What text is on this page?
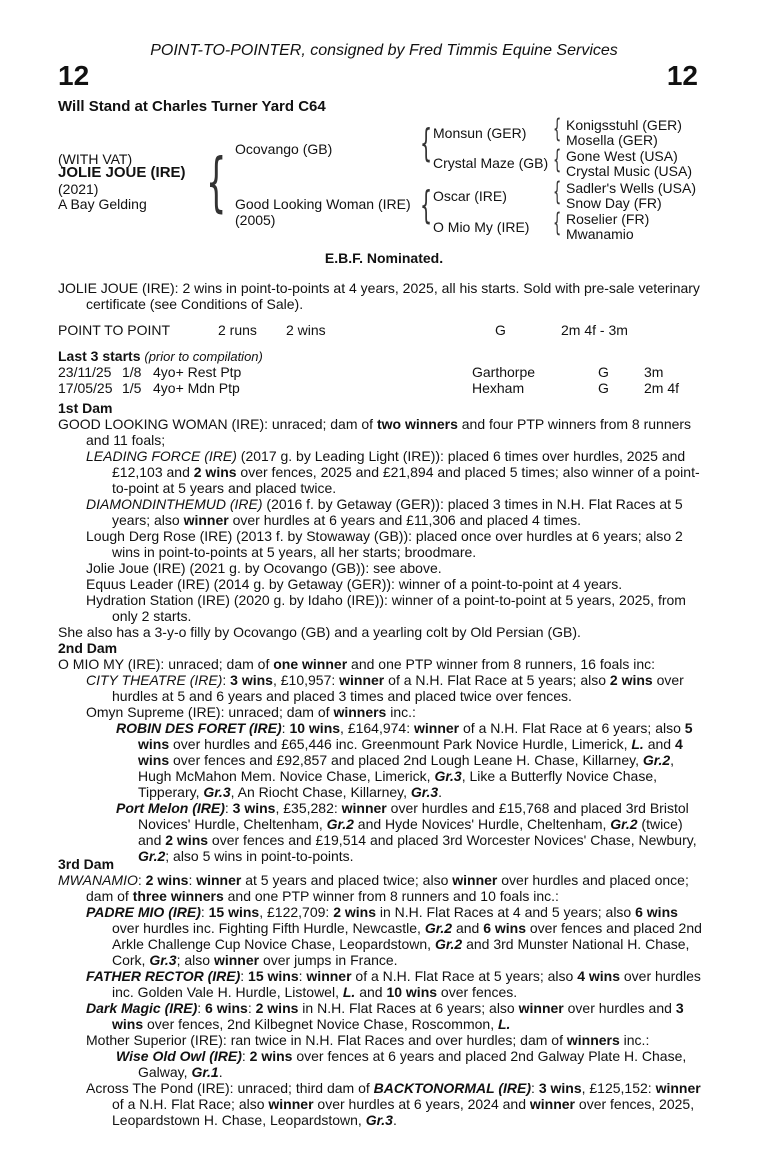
POINT-TO-POINTER, consigned by Fred Timmis Equine Services
12	12
Will Stand at Charles Turner Yard C64
(WITH VAT)
JOLIE JOUE (IRE)
(2021)
A Bay Gelding { Ocovango (GB)
Good Looking Woman (IRE)
(2005)
{ Monsun (GER)
Crystal Maze (GB)
{ Oscar (IRE)
O Mio My (IRE)
{ Konigsstuhl (GER)
Mosella (GER)
{ Gone West (USA)
Crystal Music (USA)
{ Sadler's Wells (USA)
Snow Day (FR)
{ Roselier (FR)
Mwanamio
E.B.F. Nominated.

JOLIE JOUE (IRE): 2 wins in point-to-points at 4 years, 2025, all his starts. Sold with pre-sale veterinary certificate (see Conditions of Sale).

POINT TO POINT	2 runs 2 wins	G	2m 4f - 3m
Last 3 starts (prior to compilation)
23/11/25 1/8 4yo+ Rest Ptp	Garthorpe	G	3m
17/05/25 1/5 4yo+ Mdn Ptp	Hexham	G	2m 4f

1st Dam

GOOD LOOKING WOMAN (IRE): unraced; dam of two winners and four PTP winners from 8 runners and 11 foals;

LEADING FORCE (IRE) (2017 g. by Leading Light (IRE)): placed 6 times over hurdles, 2025 and £12,103 and 2 wins over fences, 2025 and £21,894 and placed 5 times; also winner of a point-to-point at 5 years and placed twice.

DIAMONDINTHEMUD (IRE) (2016 f. by Getaway (GER)): placed 3 times in N.H. Flat Races at 5 years; also winner over hurdles at 6 years and £11,306 and placed 4 times.

Lough Derg Rose (IRE) (2013 f. by Stowaway (GB)): placed once over hurdles at 6 years; also 2 wins in point-to-points at 5 years, all her starts; broodmare.

Jolie Joue (IRE) (2021 g. by Ocovango (GB)): see above.

Equus Leader (IRE) (2014 g. by Getaway (GER)): winner of a point-to-point at 4 years.

Hydration Station (IRE) (2020 g. by Idaho (IRE)): winner of a point-to-point at 5 years, 2025, from only 2 starts.

She also has a 3-y-o filly by Ocovango (GB) and a yearling colt by Old Persian (GB).

2nd Dam

O MIO MY (IRE): unraced; dam of one winner and one PTP winner from 8 runners, 16 foals inc:

CITY THEATRE (IRE): 3 wins, £10,957: winner of a N.H. Flat Race at 5 years; also 2 wins over hurdles at 5 and 6 years and placed 3 times and placed twice over fences.

Omyn Supreme (IRE): unraced; dam of winners inc.:

ROBIN DES FORET (IRE): 10 wins, £164,974: winner of a N.H. Flat Race at 6 years; also 5 wins over hurdles and £65,446 inc. Greenmount Park Novice Hurdle, Limerick, L. and 4 wins over fences and £92,857 and placed 2nd Lough Leane H. Chase, Killarney, Gr.2, Hugh McMahon Mem. Novice Chase, Limerick, Gr.3, Like a Butterfly Novice Chase, Tipperary, Gr.3, An Riocht Chase, Killarney, Gr.3.

Port Melon (IRE): 3 wins, £35,282: winner over hurdles and £15,768 and placed 3rd Bristol Novices' Hurdle, Cheltenham, Gr.2 and Hyde Novices' Hurdle, Cheltenham, Gr.2 (twice) and 2 wins over fences and £19,514 and placed 3rd Worcester Novices' Chase, Newbury, Gr.2; also 5 wins in point-to-points.

3rd Dam

MWANAMIO: 2 wins: winner at 5 years and placed twice; also winner over hurdles and placed once; dam of three winners and one PTP winner from 8 runners and 10 foals inc.:

PADRE MIO (IRE): 15 wins, £122,709: 2 wins in N.H. Flat Races at 4 and 5 years; also 6 wins over hurdles inc. Fighting Fifth Hurdle, Newcastle, Gr.2 and 6 wins over fences and placed 2nd Arkle Challenge Cup Novice Chase, Leopardstown, Gr.2 and 3rd Munster National H. Chase, Cork, Gr.3; also winner over jumps in France.

FATHER RECTOR (IRE): 15 wins: winner of a N.H. Flat Race at 5 years; also 4 wins over hurdles inc. Golden Vale H. Hurdle, Listowel, L. and 10 wins over fences.

Dark Magic (IRE): 6 wins: 2 wins in N.H. Flat Races at 6 years; also winner over hurdles and 3 wins over fences, 2nd Kilbegnet Novice Chase, Roscommon, L.

Mother Superior (IRE): ran twice in N.H. Flat Races and over hurdles; dam of winners inc.:

Wise Old Owl (IRE): 2 wins over fences at 6 years and placed 2nd Galway Plate H. Chase, Galway, Gr.1.

Across The Pond (IRE): unraced; third dam of BACKTONORMAL (IRE): 3 wins, £125,152: winner of a N.H. Flat Race; also winner over hurdles at 6 years, 2024 and winner over fences, 2025, Leopardstown H. Chase, Leopardstown, Gr.3.
